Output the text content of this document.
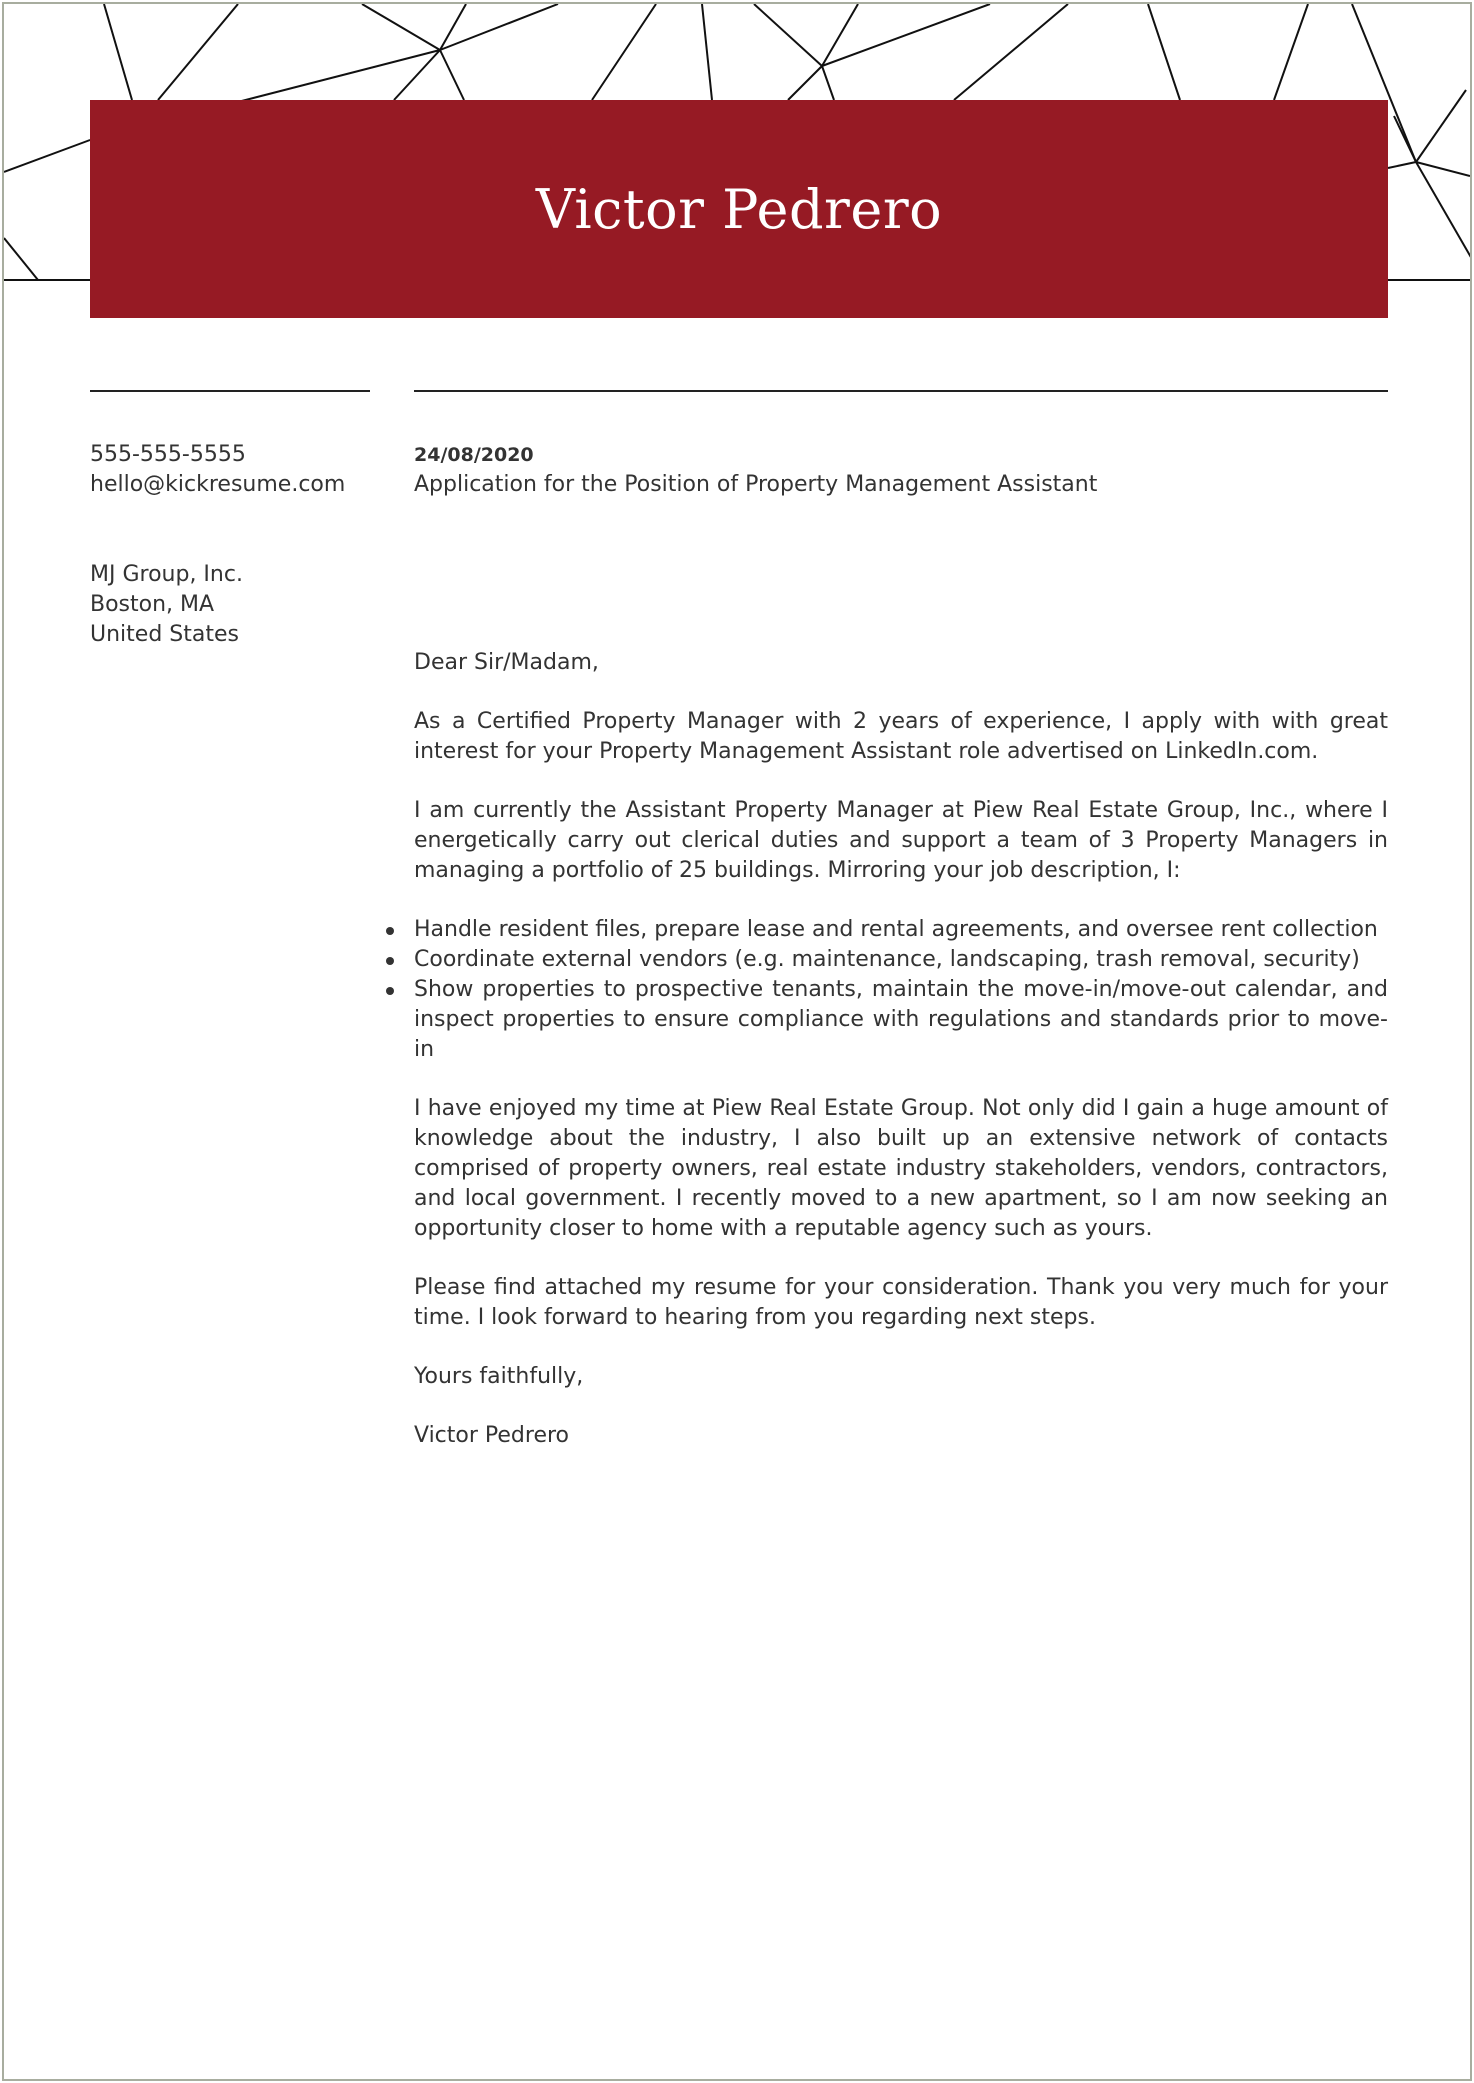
Victor Pedrero
555-555-5555
hello@kickresume.com
MJ Group, Inc.
Boston, MA
United States
24/08/2020
Application for the Position of Property Management Assistant

Dear Sir/Madam,

As a Certified Property Manager with 2 years of experience, I apply with with great interest for your Property Management Assistant role advertised on LinkedIn.com.

I am currently the Assistant Property Manager at Piew Real Estate Group, Inc., where I energetically carry out clerical duties and support a team of 3 Property Managers in managing a portfolio of 25 buildings. Mirroring your job description, I:

Handle resident files, prepare lease and rental agreements, and oversee rent collection
Coordinate external vendors (e.g. maintenance, landscaping, trash removal, security)
Show properties to prospective tenants, maintain the move-in/move-out calendar, and inspect properties to ensure compliance with regulations and standards prior to move-in

I have enjoyed my time at Piew Real Estate Group. Not only did I gain a huge amount of knowledge about the industry, I also built up an extensive network of contacts comprised of property owners, real estate industry stakeholders, vendors, contractors, and local government. I recently moved to a new apartment, so I am now seeking an opportunity closer to home with a reputable agency such as yours.

Please find attached my resume for your consideration. Thank you very much for your time. I look forward to hearing from you regarding next steps.

Yours faithfully,

Victor Pedrero
